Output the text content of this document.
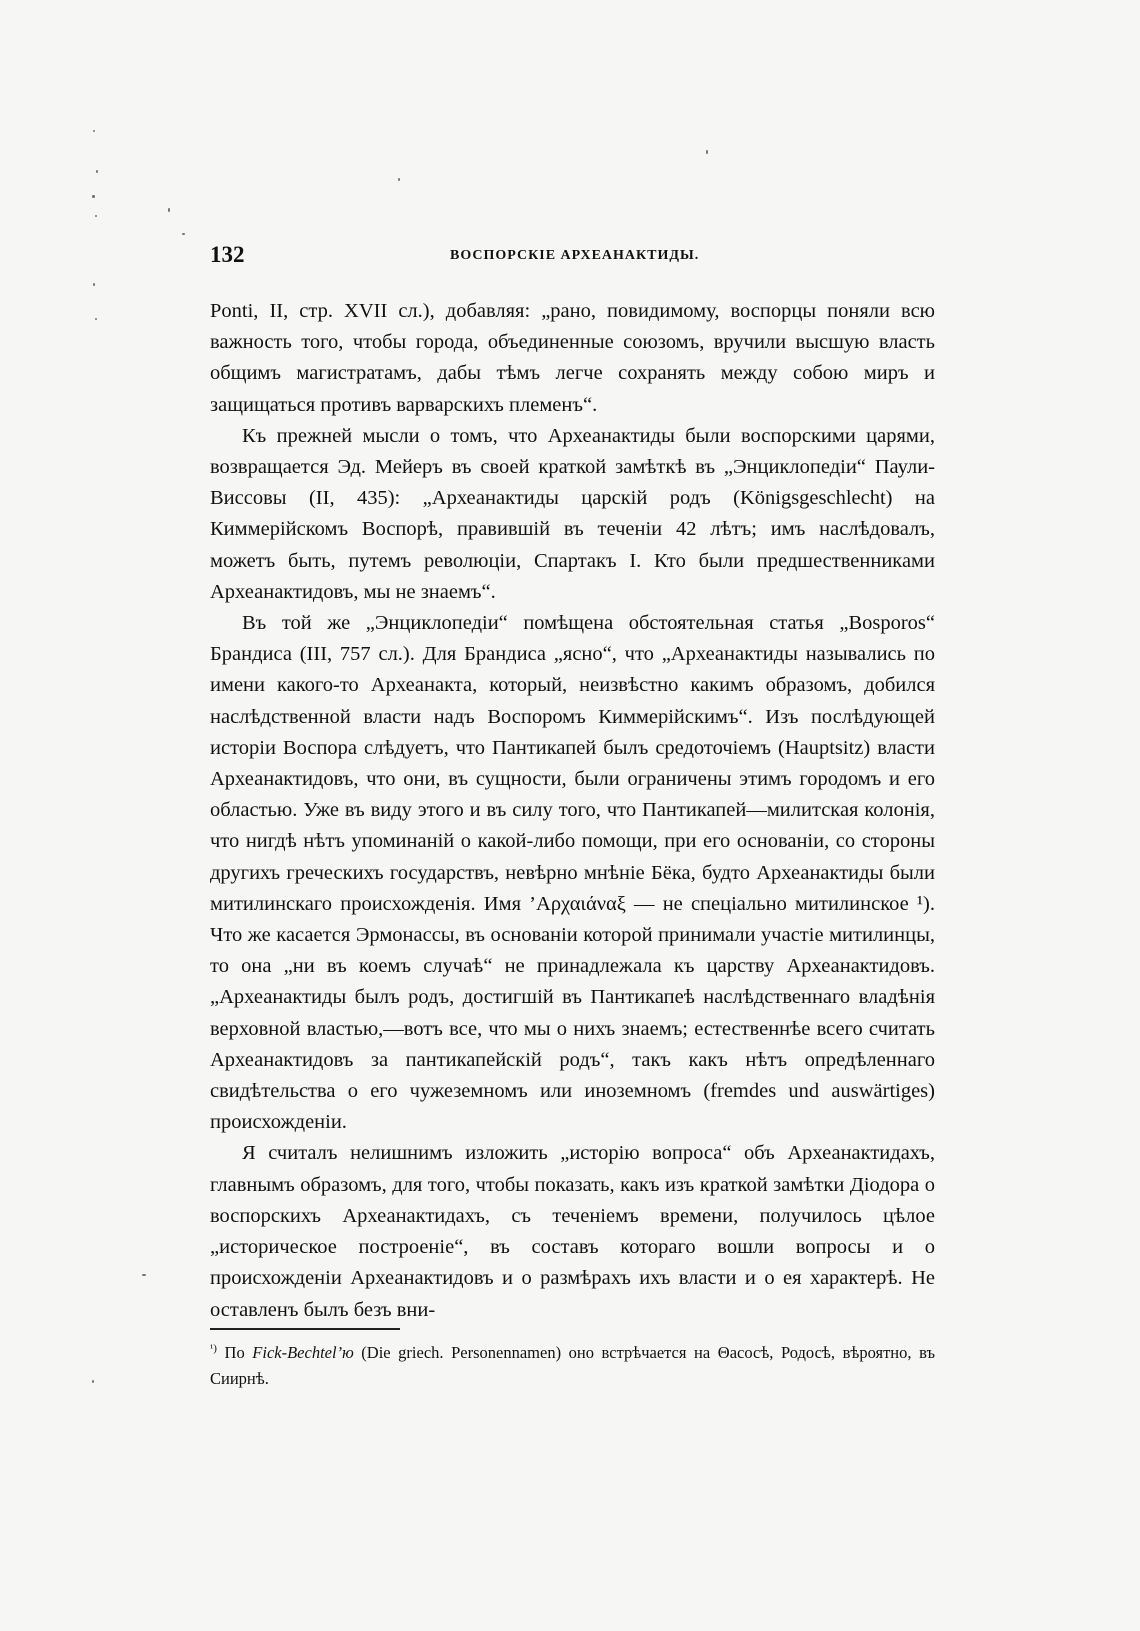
132	ВОСПОРСКІЕ АРХЕАНАКТИДЫ.

Ponti, II, стр. XVII сл.), добавляя: „рано, повидимому, воспорцы поняли всю важность того, чтобы города, объединенные союзомъ, вручили высшую власть общимъ магистратамъ, дабы тѣмъ легче сохранять между собою миръ и защищаться противъ варварскихъ племенъ“.

Къ прежней мысли о томъ, что Археанактиды были воспорскими царями, возвращается Эд. Мейеръ въ своей краткой замѣткѣ въ „Энциклопедіи“ Паули-Виссовы (II, 435): „Археанактиды царскій родъ (Königsgeschlecht) на Киммерійскомъ Воспорѣ, правившій въ теченіи 42 лѣтъ; имъ наслѣдовалъ, можетъ быть, путемъ революціи, Спартакъ I. Кто были предшественниками Археанактидовъ, мы не знаемъ“.

Въ той же „Энциклопедіи“ помѣщена обстоятельная статья „Bosporos“ Брандиса (III, 757 сл.). Для Брандиса „ясно“, что „Археанактиды назывались по имени какого-то Археанакта, который, неизвѣстно какимъ образомъ, добился наслѣдственной власти надъ Воспоромъ Киммерійскимъ“. Изъ послѣдующей исторіи Воспора слѣдуетъ, что Пантикапей былъ средоточіемъ (Hauptsitz) власти Археанактидовъ, что они, въ сущности, были ограничены этимъ городомъ и его областью. Уже въ виду этого и въ силу того, что Пантикапей—милитская колонія, что нигдѣ нѣтъ упоминаній о какой-либо помощи, при его основаніи, со стороны другихъ греческихъ государствъ, невѣрно мнѣніе Бёка, будто Археанактиды были митилинскаго происхожденія. Имя ’Αρχαιάναξ — не спеціально митилинское ¹). Что же касается Эрмонассы, въ основаніи которой принимали участіе митилинцы, то она „ни въ коемъ случаѣ“ не принадлежала къ царству Археанактидовъ. „Археанактиды былъ родъ, достигшій въ Пантикапеѣ наслѣдственнаго владѣнія верховной властью,—вотъ все, что мы о нихъ знаемъ; естественнѣе всего считать Археанактидовъ за пантикапейскій родъ“, такъ какъ нѣтъ опредѣленнаго свидѣтельства о его чужеземномъ или иноземномъ (fremdes und auswärtiges) происхожденіи.

Я считалъ нелишнимъ изложить „исторію вопроса“ объ Археанактидахъ, главнымъ образомъ, для того, чтобы показать, какъ изъ краткой замѣтки Діодора о воспорскихъ Археанактидахъ, съ теченіемъ времени, получилось цѣлое „историческое построеніе“, въ составъ котораго вошли вопросы и о происхожденіи Археанактидовъ и о размѣрахъ ихъ власти и о ея характерѣ. Не оставленъ былъ безъ вни-

$^{^1)}$ По Fick-Bechtel’ю (Die griech. Personennamen) оно встрѣчается на Θасосѣ, Родосѣ, вѣроятно, въ Сиирнѣ.
